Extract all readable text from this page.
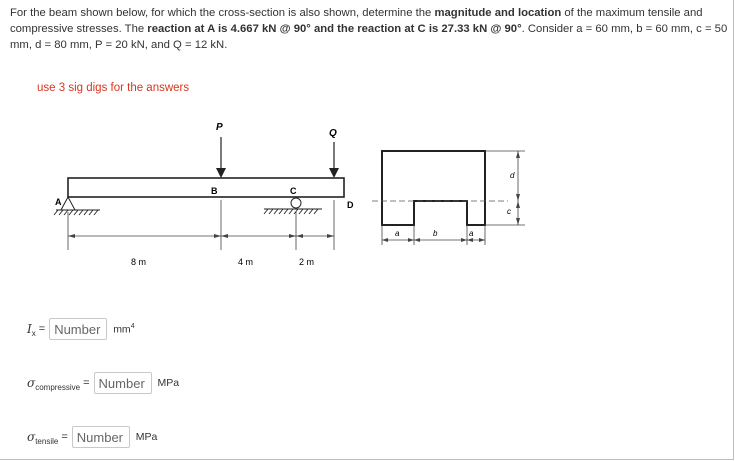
For the beam shown below, for which the cross-section is also shown, determine the magnitude and location of the maximum tensile and compressive stresses. The reaction at A is 4.667 kN @ 90° and the reaction at C is 27.33 kN @ 90°. Consider a = 60 mm, b = 60 mm, c = 50 mm, d = 80 mm, P = 20 kN, and Q = 12 kN.
use 3 sig digs for the answers
P
Q
A
B	C
D
8 m	4 m	2 m
d
c
a	b	a
$I_x$ =
Number	$mm^4$
$\sigma_{compressive}$ =
Number	MPa
$\sigma_{tensile}$ =
Number	MPa
